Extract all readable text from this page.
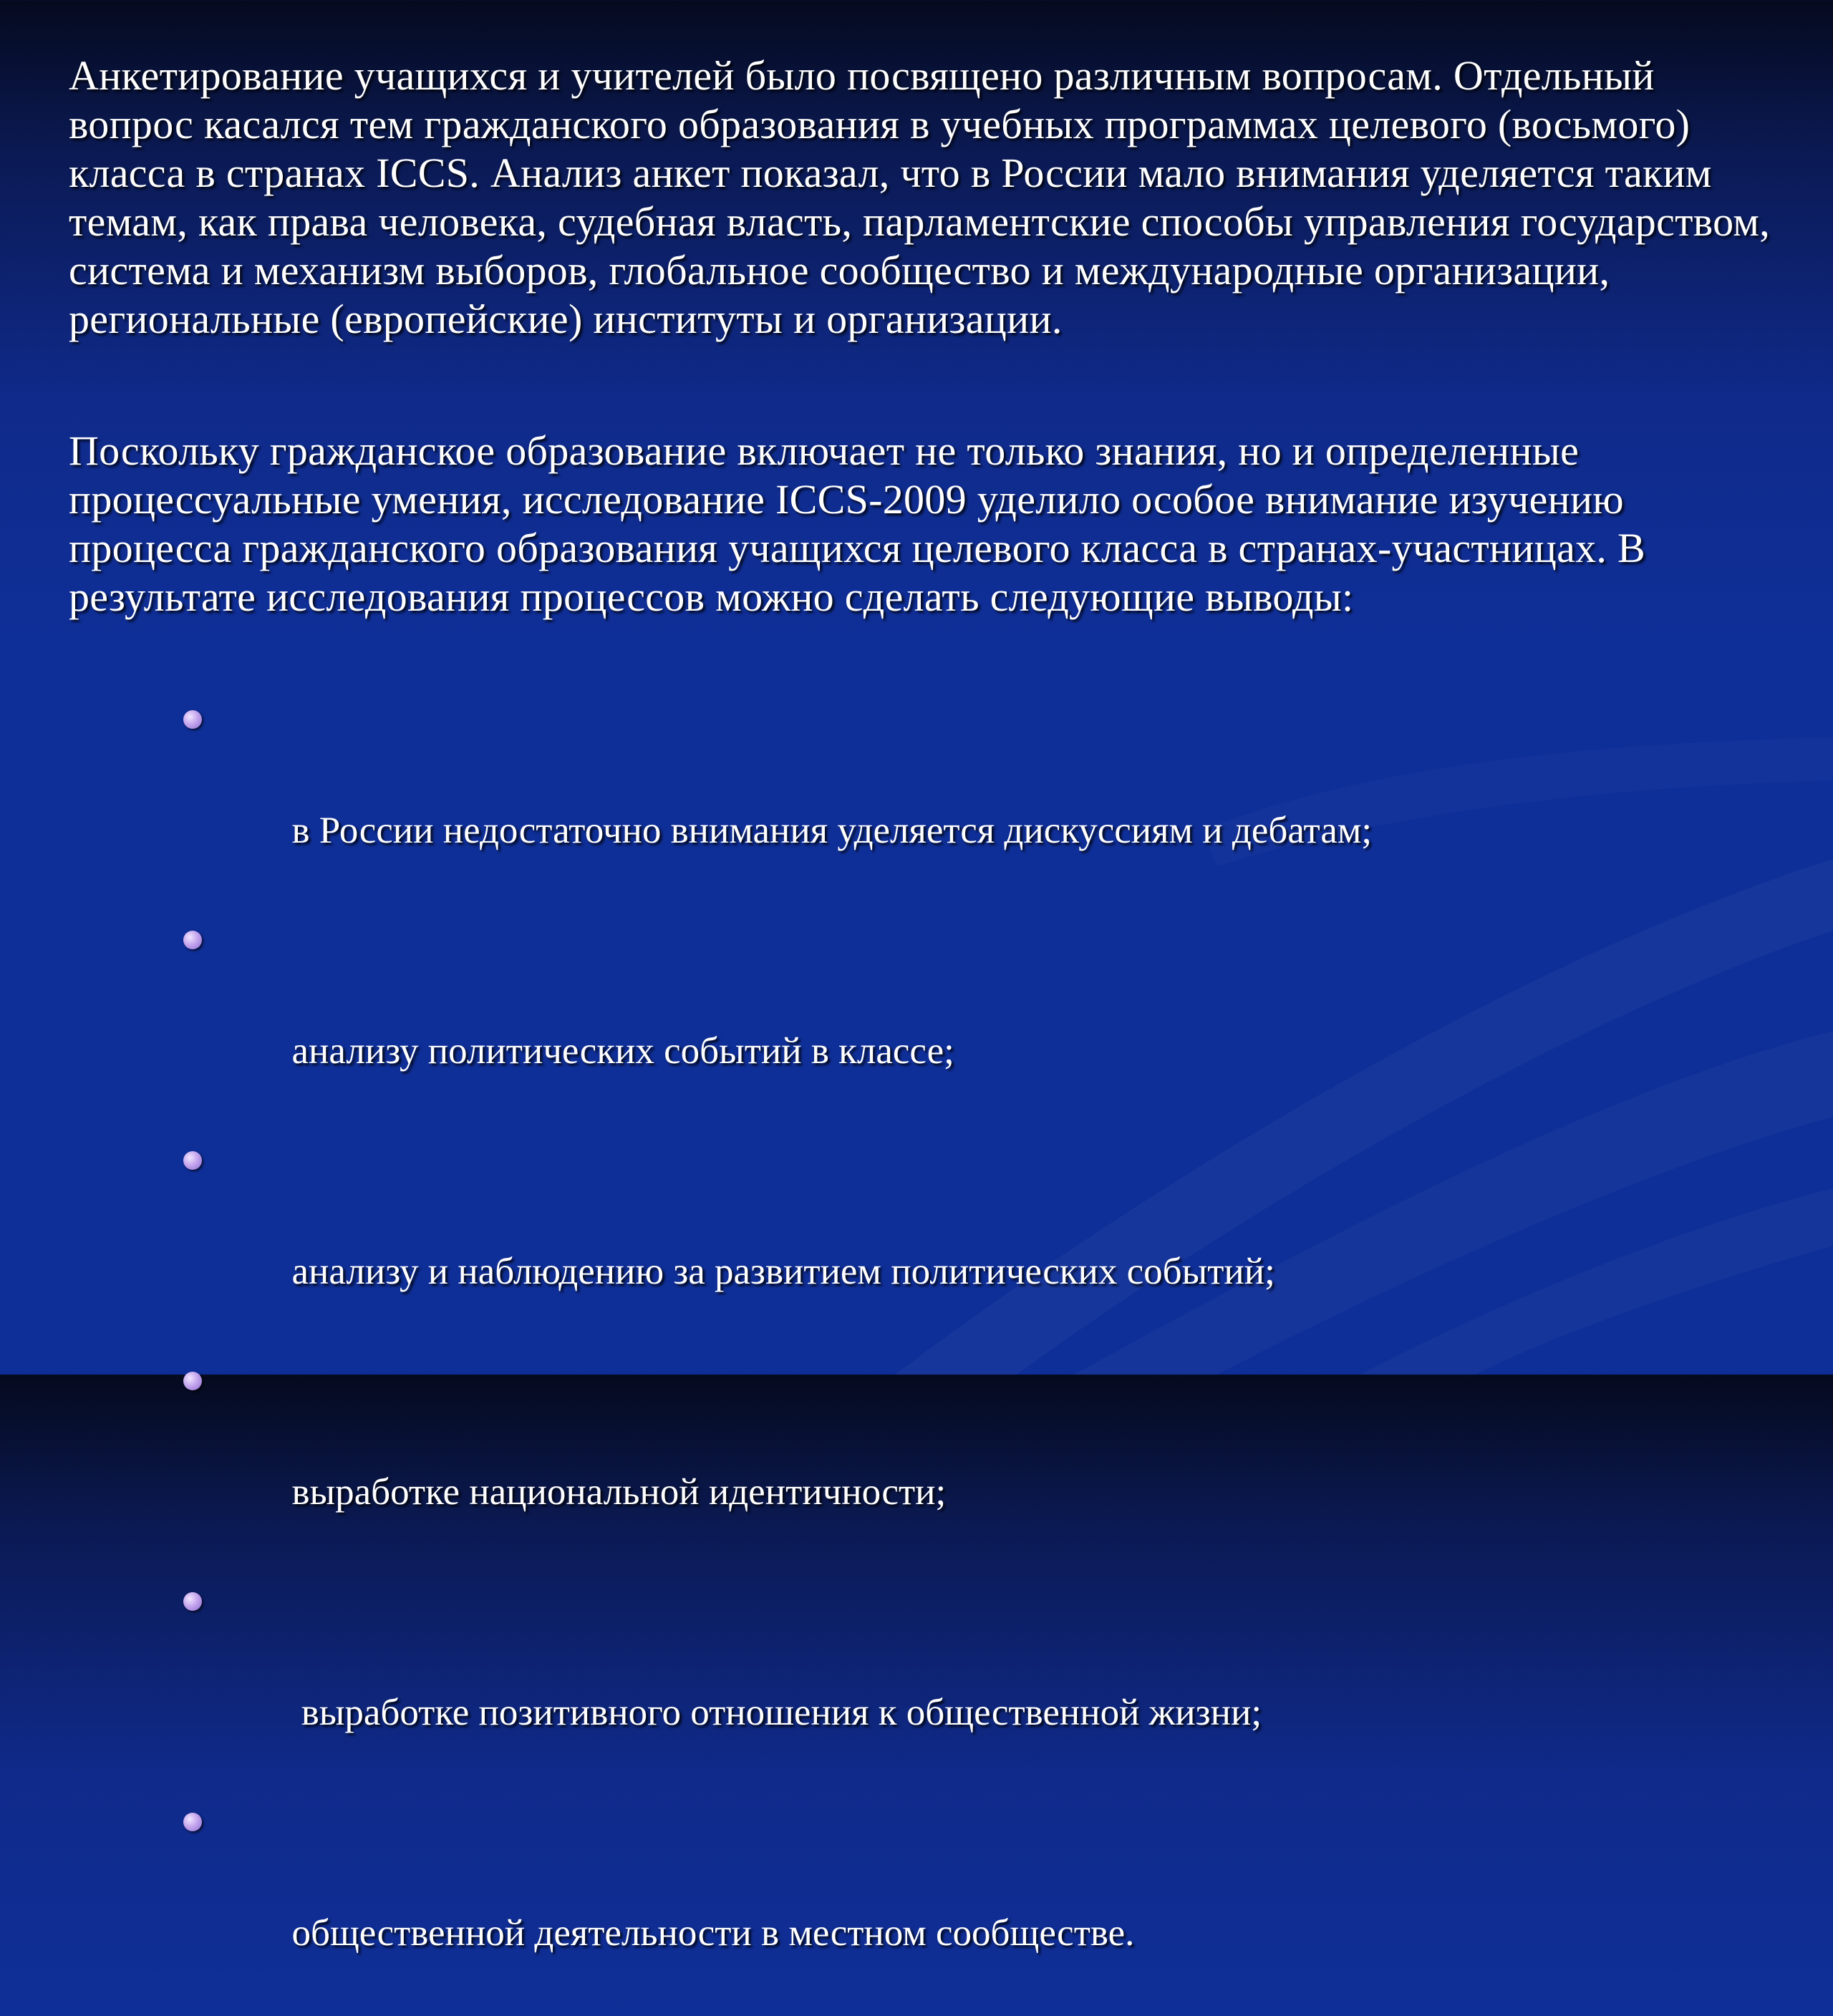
Анкетирование учащихся и учителей было посвящено различным вопросам. Отдельный вопрос касался тем гражданского образования в учебных программах целевого (восьмого) класса в странах ICCS. Анализ анкет показал, что в России мало внимания уделяется таким темам, как права человека, судебная власть, парламентские способы управления государством, система и механизм выборов, глобальное сообщество и международные организации, региональные (европейские) институты и организации.

Поскольку гражданское образование включает не только знания, но и определенные процессуальные умения, исследование ICCS-2009 уделило особое внимание изучению процесса гражданского образования учащихся целевого класса в странах-участницах. В результате исследования процессов можно сделать следующие выводы:

в России недостаточно внимания уделяется дискуссиям и дебатам;

анализу политических событий в классе;

анализу и наблюдению за развитием политических событий;

выработке национальной идентичности;

выработке позитивного отношения к общественной жизни;

общественной деятельности в местном сообществе.
